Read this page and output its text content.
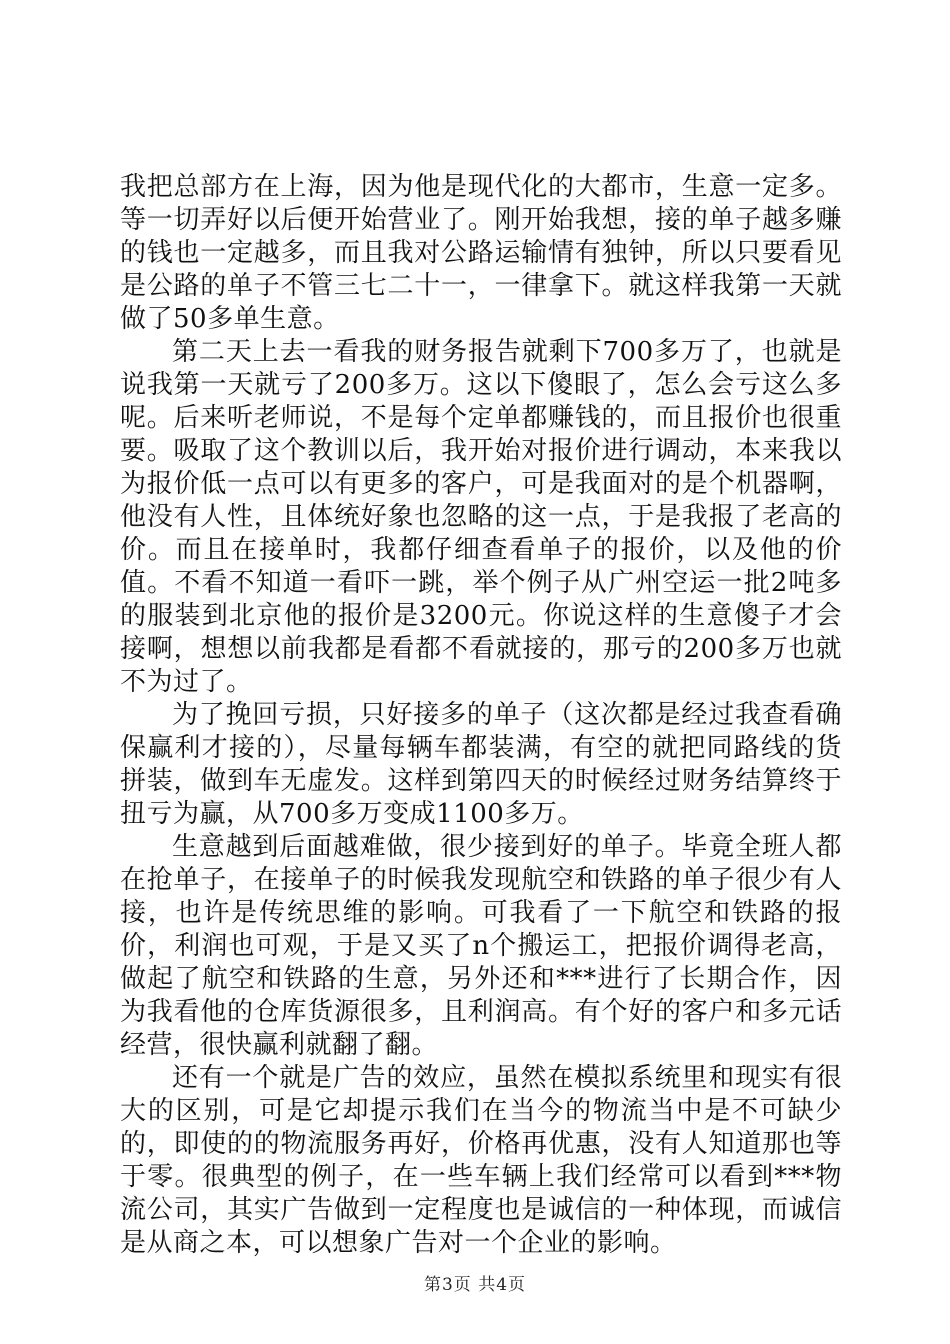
我把总部方在上海，因为他是现代化的大都市，生意一定多。等一切弄好以后便开始营业了。刚开始我想，接的单子越多赚的钱也一定越多，而且我对公路运输情有独钟，所以只要看见是公路的单子不管三七二十一，一律拿下。就这样我第一天就做了50多单生意。

第二天上去一看我的财务报告就剩下700多万了，也就是说我第一天就亏了200多万。这以下傻眼了，怎么会亏这么多呢。后来听老师说，不是每个定单都赚钱的，而且报价也很重要。吸取了这个教训以后，我开始对报价进行调动，本来我以为报价低一点可以有更多的客户，可是我面对的是个机器啊，他没有人性，且体统好象也忽略的这一点，于是我报了老高的价。而且在接单时，我都仔细查看单子的报价，以及他的价值。不看不知道一看吓一跳，举个例子从广州空运一批2吨多的服装到北京他的报价是3200元。你说这样的生意傻子才会接啊，想想以前我都是看都不看就接的，那亏的200多万也就不为过了。

为了挽回亏损，只好接多的单子（这次都是经过我查看确保赢利才接的），尽量每辆车都装满，有空的就把同路线的货拼装，做到车无虚发。这样到第四天的时候经过财务结算终于扭亏为赢，从700多万变成1100多万。

生意越到后面越难做，很少接到好的单子。毕竟全班人都在抢单子，在接单子的时候我发现航空和铁路的单子很少有人接，也许是传统思维的影响。可我看了一下航空和铁路的报价，利润也可观，于是又买了n个搬运工，把报价调得老高，做起了航空和铁路的生意，另外还和***进行了长期合作，因为我看他的仓库货源很多，且利润高。有个好的客户和多元话经营，很快赢利就翻了翻。

还有一个就是广告的效应，虽然在模拟系统里和现实有很大的区别，可是它却提示我们在当今的物流当中是不可缺少的，即使的的物流服务再好，价格再优惠，没有人知道那也等于零。很典型的例子，在一些车辆上我们经常可以看到***物流公司，其实广告做到一定程度也是诚信的一种体现，而诚信是从商之本，可以想象广告对一个企业的影响。

第3页 共4页
